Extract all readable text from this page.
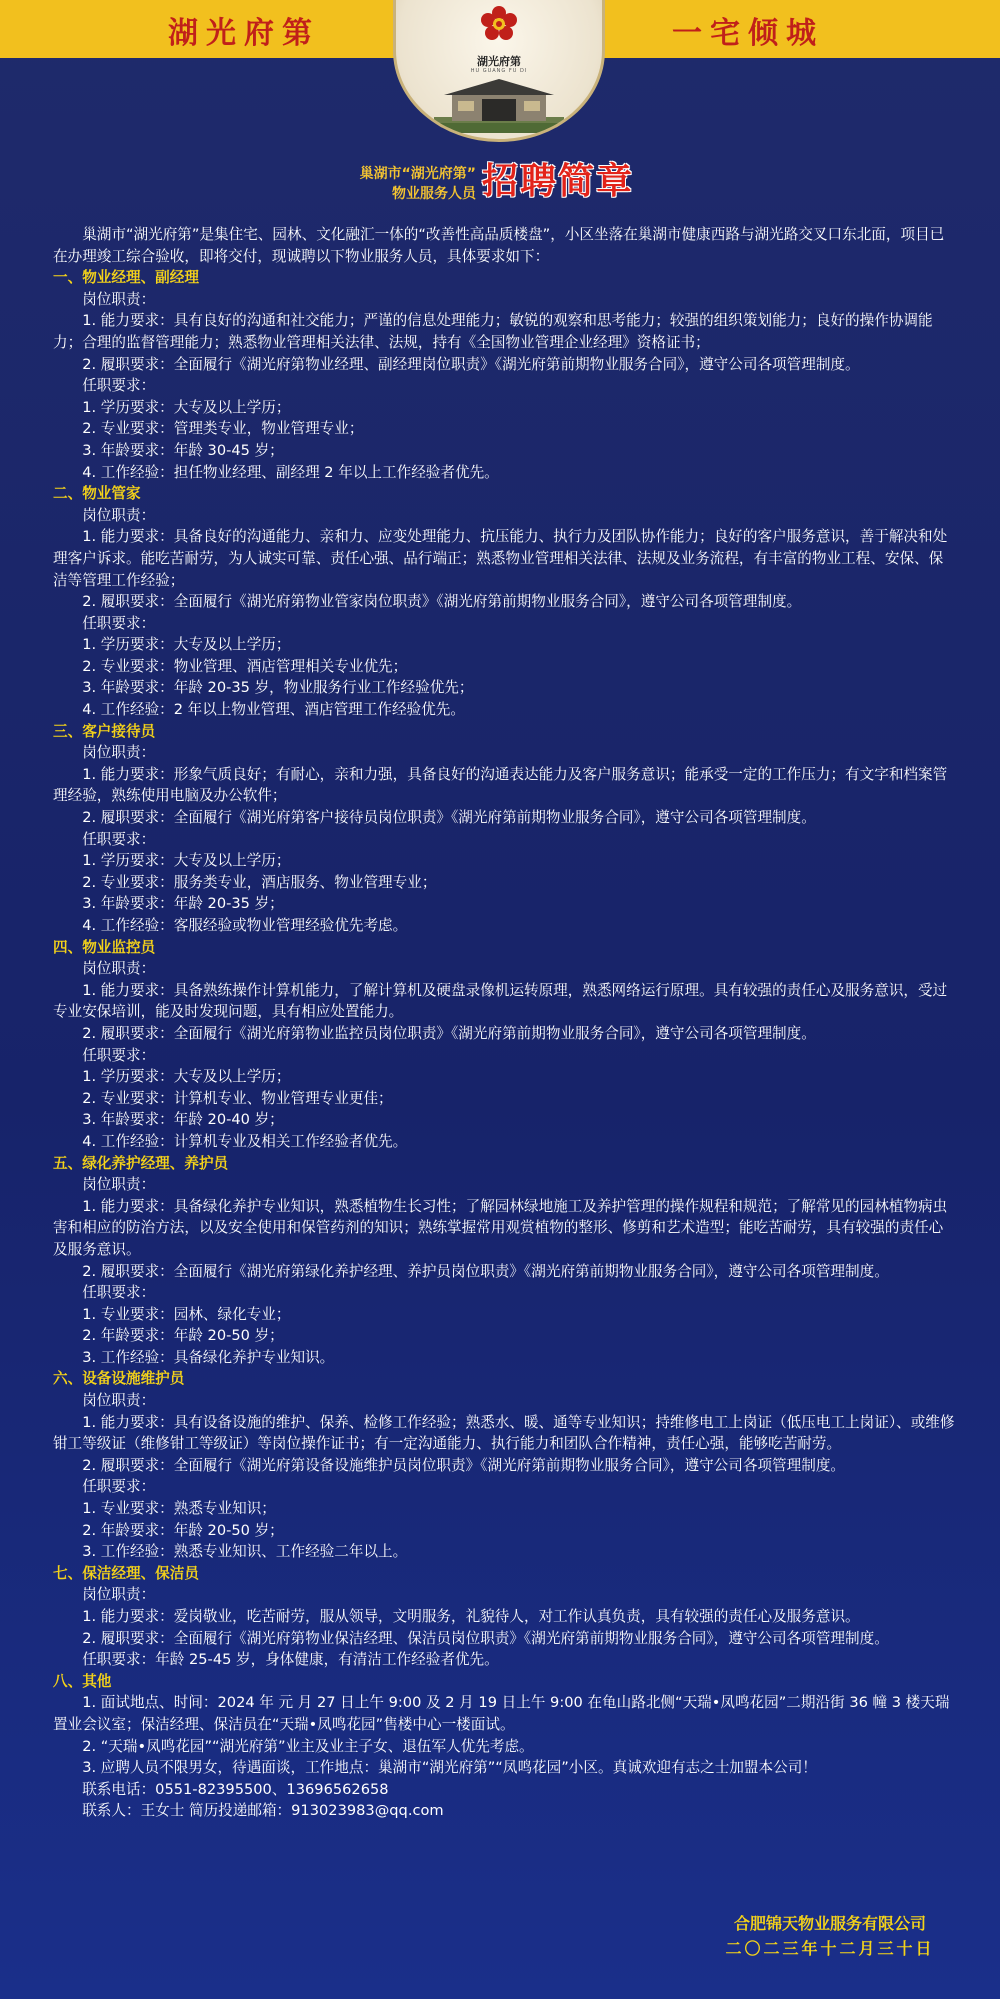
湖光府第	一宅倾城
湖光府第
HU GUANG FU DI
巢湖市“湖光府第”
物业服务人员 招聘简章

巢湖市“湖光府第”是集住宅、园林、文化融汇一体的“改善性高品质楼盘”，小区坐落在巢湖市健康西路与湖光路交叉口东北面，项目已在办理竣工综合验收，即将交付，现诚聘以下物业服务人员，具体要求如下：

一、物业经理、副经理

岗位职责：

1. 能力要求：具有良好的沟通和社交能力；严谨的信息处理能力；敏锐的观察和思考能力；较强的组织策划能力；良好的操作协调能力；合理的监督管理能力；熟悉物业管理相关法律、法规，持有《全国物业管理企业经理》资格证书；

2. 履职要求：全面履行《湖光府第物业经理、副经理岗位职责》《湖光府第前期物业服务合同》，遵守公司各项管理制度。

任职要求：

1. 学历要求：大专及以上学历；

2. 专业要求：管理类专业，物业管理专业；

3. 年龄要求：年龄 30-45 岁；

4. 工作经验：担任物业经理、副经理 2 年以上工作经验者优先。

二、物业管家

岗位职责：

1. 能力要求：具备良好的沟通能力、亲和力、应变处理能力、抗压能力、执行力及团队协作能力；良好的客户服务意识，善于解决和处理客户诉求。能吃苦耐劳，为人诚实可靠、责任心强、品行端正；熟悉物业管理相关法律、法规及业务流程，有丰富的物业工程、安保、保洁等管理工作经验；

2. 履职要求：全面履行《湖光府第物业管家岗位职责》《湖光府第前期物业服务合同》，遵守公司各项管理制度。

任职要求：

1. 学历要求：大专及以上学历；

2. 专业要求：物业管理、酒店管理相关专业优先；

3. 年龄要求：年龄 20-35 岁，物业服务行业工作经验优先；

4. 工作经验：2 年以上物业管理、酒店管理工作经验优先。

三、客户接待员

岗位职责：

1. 能力要求：形象气质良好；有耐心，亲和力强，具备良好的沟通表达能力及客户服务意识；能承受一定的工作压力；有文字和档案管理经验，熟练使用电脑及办公软件；

2. 履职要求：全面履行《湖光府第客户接待员岗位职责》《湖光府第前期物业服务合同》，遵守公司各项管理制度。

任职要求：

1. 学历要求：大专及以上学历；

2. 专业要求：服务类专业，酒店服务、物业管理专业；

3. 年龄要求：年龄 20-35 岁；

4. 工作经验：客服经验或物业管理经验优先考虑。

四、物业监控员

岗位职责：

1. 能力要求：具备熟练操作计算机能力，了解计算机及硬盘录像机运转原理，熟悉网络运行原理。具有较强的责任心及服务意识，受过专业安保培训，能及时发现问题，具有相应处置能力。

2. 履职要求：全面履行《湖光府第物业监控员岗位职责》《湖光府第前期物业服务合同》，遵守公司各项管理制度。

任职要求：

1. 学历要求：大专及以上学历；

2. 专业要求：计算机专业、物业管理专业更佳；

3. 年龄要求：年龄 20-40 岁；

4. 工作经验：计算机专业及相关工作经验者优先。

五、绿化养护经理、养护员

岗位职责：

1. 能力要求：具备绿化养护专业知识，熟悉植物生长习性；了解园林绿地施工及养护管理的操作规程和规范；了解常见的园林植物病虫害和相应的防治方法，以及安全使用和保管药剂的知识；熟练掌握常用观赏植物的整形、修剪和艺术造型；能吃苦耐劳，具有较强的责任心及服务意识。

2. 履职要求：全面履行《湖光府第绿化养护经理、养护员岗位职责》《湖光府第前期物业服务合同》，遵守公司各项管理制度。

任职要求：

1. 专业要求：园林、绿化专业；

2. 年龄要求：年龄 20-50 岁；

3. 工作经验：具备绿化养护专业知识。

六、设备设施维护员

岗位职责：

1. 能力要求：具有设备设施的维护、保养、检修工作经验；熟悉水、暖、通等专业知识；持维修电工上岗证（低压电工上岗证）、或维修钳工等级证（维修钳工等级证）等岗位操作证书；有一定沟通能力、执行能力和团队合作精神，责任心强，能够吃苦耐劳。

2. 履职要求：全面履行《湖光府第设备设施维护员岗位职责》《湖光府第前期物业服务合同》，遵守公司各项管理制度。

任职要求：

1. 专业要求：熟悉专业知识；

2. 年龄要求：年龄 20-50 岁；

3. 工作经验：熟悉专业知识、工作经验二年以上。

七、保洁经理、保洁员

岗位职责：

1. 能力要求：爱岗敬业，吃苦耐劳，服从领导，文明服务，礼貌待人，对工作认真负责，具有较强的责任心及服务意识。

2. 履职要求：全面履行《湖光府第物业保洁经理、保洁员岗位职责》《湖光府第前期物业服务合同》，遵守公司各项管理制度。

任职要求：年龄 25-45 岁，身体健康，有清洁工作经验者优先。

八、其他

1. 面试地点、时间：2024 年 元 月 27 日上午 9:00 及 2 月 19 日上午 9:00 在龟山路北侧“天瑞•凤鸣花园”二期沿街 36 幢 3 楼天瑞置业会议室；保洁经理、保洁员在“天瑞•凤鸣花园”售楼中心一楼面试。

2. “天瑞•凤鸣花园”“湖光府第”业主及业主子女、退伍军人优先考虑。

3. 应聘人员不限男女，待遇面谈，工作地点：巢湖市“湖光府第”“凤鸣花园”小区。真诚欢迎有志之士加盟本公司！

联系电话：0551-82395500、13696562658

联系人：王女士 简历投递邮箱：913023983@qq.com

合肥锦天物业服务有限公司
二〇二三年十二月三十日
